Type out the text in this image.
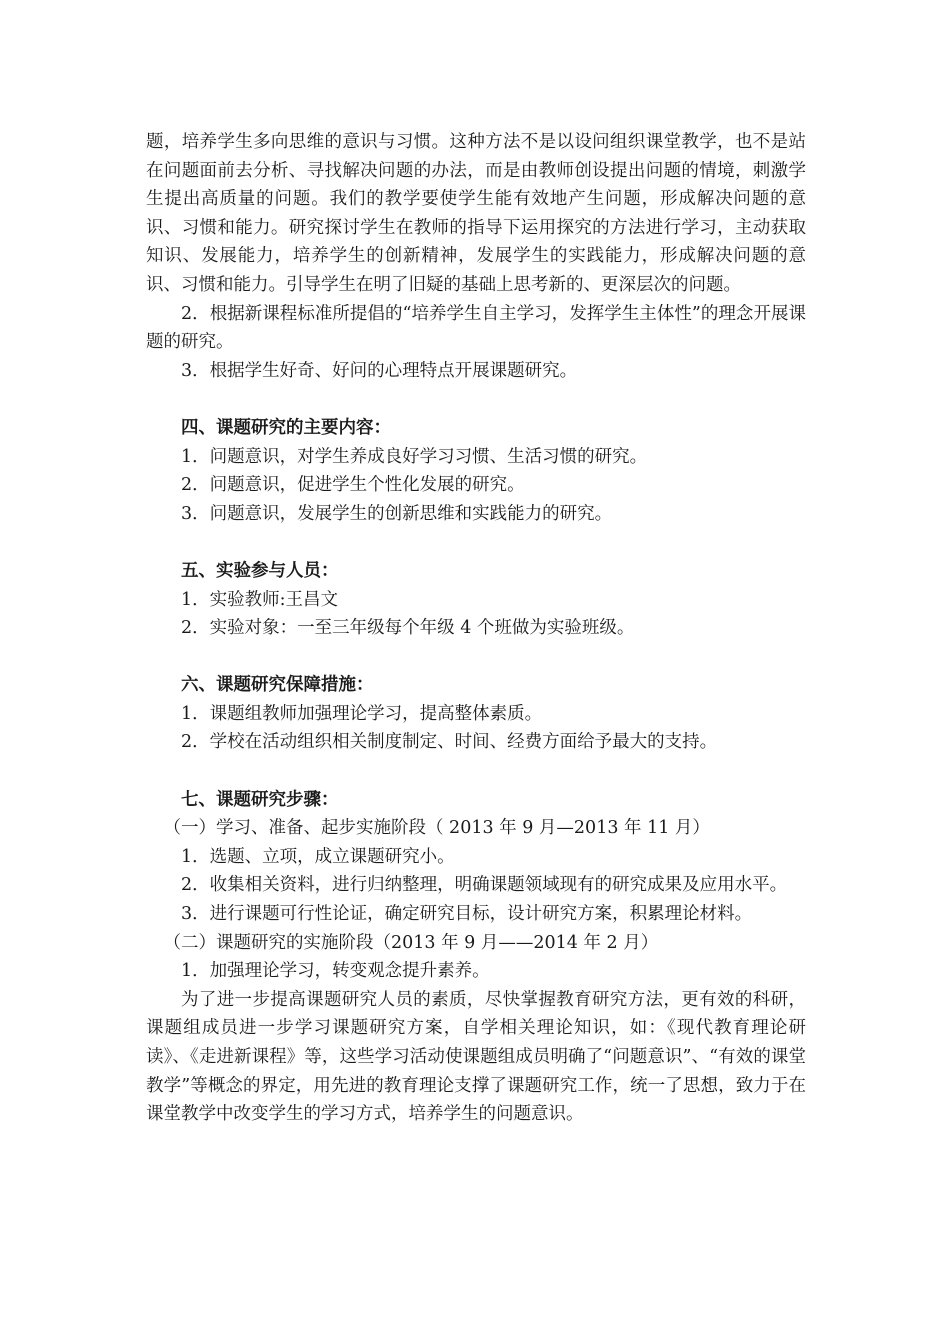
题，培养学生多向思维的意识与习惯。这种方法不是以设问组织课堂教学，也不是站在问题面前去分析、寻找解决问题的办法，而是由教师创设提出问题的情境，刺激学生提出高质量的问题。我们的教学要使学生能有效地产生问题，形成解决问题的意识、习惯和能力。研究探讨学生在教师的指导下运用探究的方法进行学习，主动获取知识、发展能力，培养学生的创新精神，发展学生的实践能力，形成解决问题的意识、习惯和能力。引导学生在明了旧疑的基础上思考新的、更深层次的问题。

2．根据新课程标准所提倡的“培养学生自主学习，发挥学生主体性”的理念开展课题的研究。

3．根据学生好奇、好问的心理特点开展课题研究。

四、课题研究的主要内容：

1．问题意识，对学生养成良好学习习惯、生活习惯的研究。

2．问题意识，促进学生个性化发展的研究。

3．问题意识，发展学生的创新思维和实践能力的研究。

五、实验参与人员：

1．实验教师:王昌文

2．实验对象：一至三年级每个年级 4 个班做为实验班级。

六、课题研究保障措施：

1．课题组教师加强理论学习，提高整体素质。

2．学校在活动组织相关制度制定、时间、经费方面给予最大的支持。

七、课题研究步骤：

（一）学习、准备、起步实施阶段（ 2013 年 9 月—2013 年 11 月）

1．选题、立项，成立课题研究小。

2．收集相关资料，进行归纳整理，明确课题领域现有的研究成果及应用水平。

3．进行课题可行性论证，确定研究目标，设计研究方案，积累理论材料。

（二）课题研究的实施阶段（2013 年 9 月——2014 年 2 月）

1．加强理论学习，转变观念提升素养。

为了进一步提高课题研究人员的素质，尽快掌握教育研究方法，更有效的科研，课题组成员进一步学习课题研究方案，自学相关理论知识，如：《现代教育理论研读》、《走进新课程》等，这些学习活动使课题组成员明确了“问题意识”、“有效的课堂教学”等概念的界定，用先进的教育理论支撑了课题研究工作，统一了思想，致力于在课堂教学中改变学生的学习方式，培养学生的问题意识。
